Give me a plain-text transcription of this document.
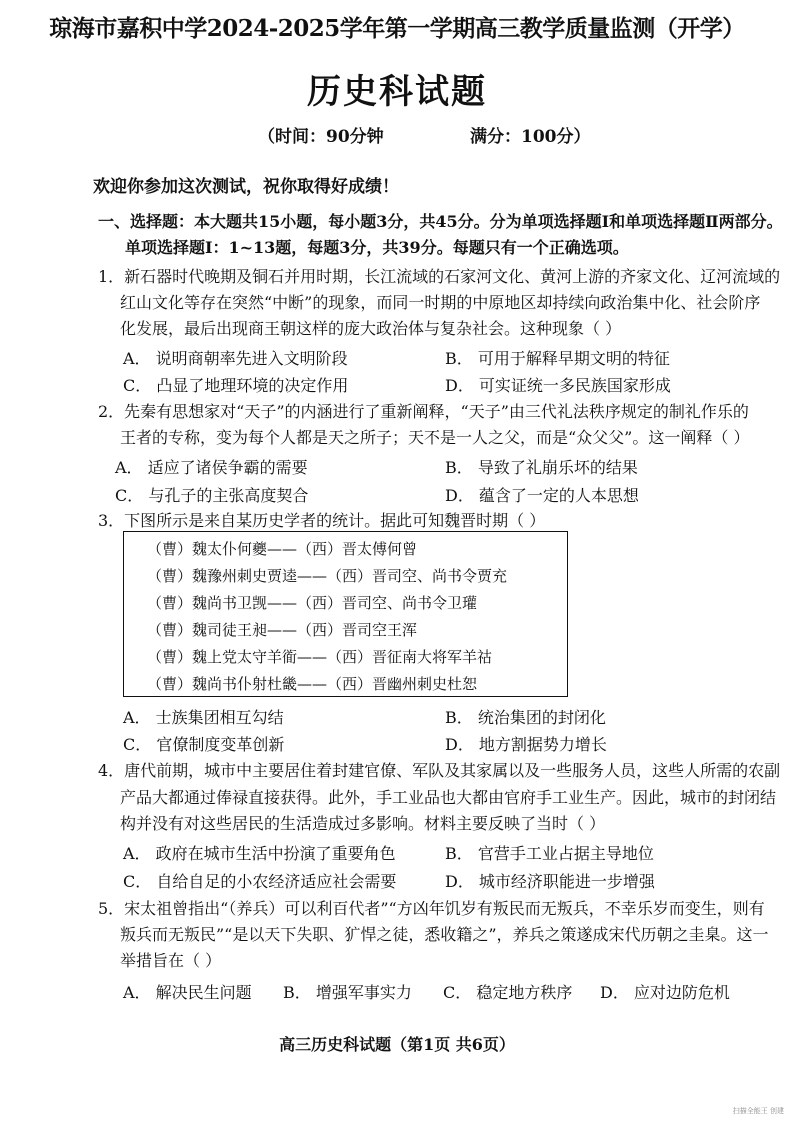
琼海市嘉积中学2024-2025学年第一学期高三教学质量监测（开学）
历史科试题
（时间：90分钟	满分：100分）
欢迎你参加这次测试，祝你取得好成绩！
一、选择题：本大题共15小题，每小题3分，共45分。分为单项选择题Ⅰ和单项选择题Ⅱ两部分。
单项选择题Ⅰ：1~13题，每题3分，共39分。每题只有一个正确选项。
1．新石器时代晚期及铜石并用时期，长江流域的石家河文化、黄河上游的齐家文化、辽河流域的
红山文化等存在突然“中断”的现象，而同一时期的中原地区却持续向政治集中化、社会阶序
化发展，最后出现商王朝这样的庞大政治体与复杂社会。这种现象（ ）
A． 说明商朝率先进入文明阶段	B． 可用于解释早期文明的特征
C． 凸显了地理环境的决定作用	D． 可实证统一多民族国家形成
2．先秦有思想家对“天子”的内涵进行了重新阐释，“天子”由三代礼法秩序规定的制礼作乐的
王者的专称，变为每个人都是天之所子；天不是一人之父，而是“众父父”。这一阐释（ ）
A． 适应了诸侯争霸的需要	B． 导致了礼崩乐坏的结果
C． 与孔子的主张高度契合	D． 蕴含了一定的人本思想
3．下图所示是来自某历史学者的统计。据此可知魏晋时期（ ）
（曹）魏太仆何夔——（西）晋太傅何曾
（曹）魏豫州刺史贾逵——（西）晋司空、尚书令贾充
（曹）魏尚书卫觊——（西）晋司空、尚书令卫瓘
（曹）魏司徒王昶——（西）晋司空王浑
（曹）魏上党太守羊衜——（西）晋征南大将军羊祜
（曹）魏尚书仆射杜畿——（西）晋幽州刺史杜恕
A． 士族集团相互勾结	B． 统治集团的封闭化
C． 官僚制度变革创新	D． 地方割据势力增长
4．唐代前期，城市中主要居住着封建官僚、军队及其家属以及一些服务人员，这些人所需的农副
产品大都通过俸禄直接获得。此外，手工业品也大都由官府手工业生产。因此，城市的封闭结
构并没有对这些居民的生活造成过多影响。材料主要反映了当时（ ）
A． 政府在城市生活中扮演了重要角色	B． 官营手工业占据主导地位
C． 自给自足的小农经济适应社会需要	D． 城市经济职能进一步增强
5．宋太祖曾指出“（养兵）可以利百代者”“方凶年饥岁有叛民而无叛兵，不幸乐岁而变生，则有
叛兵而无叛民”“是以天下失职、犷悍之徒，悉收籍之”，养兵之策遂成宋代历朝之圭臬。这一
举措旨在（ ）
A． 解决民生问题 B． 增强军事实力 C． 稳定地方秩序 D． 应对边防危机
高三历史科试题（第1页 共6页）
扫描全能王 创建
